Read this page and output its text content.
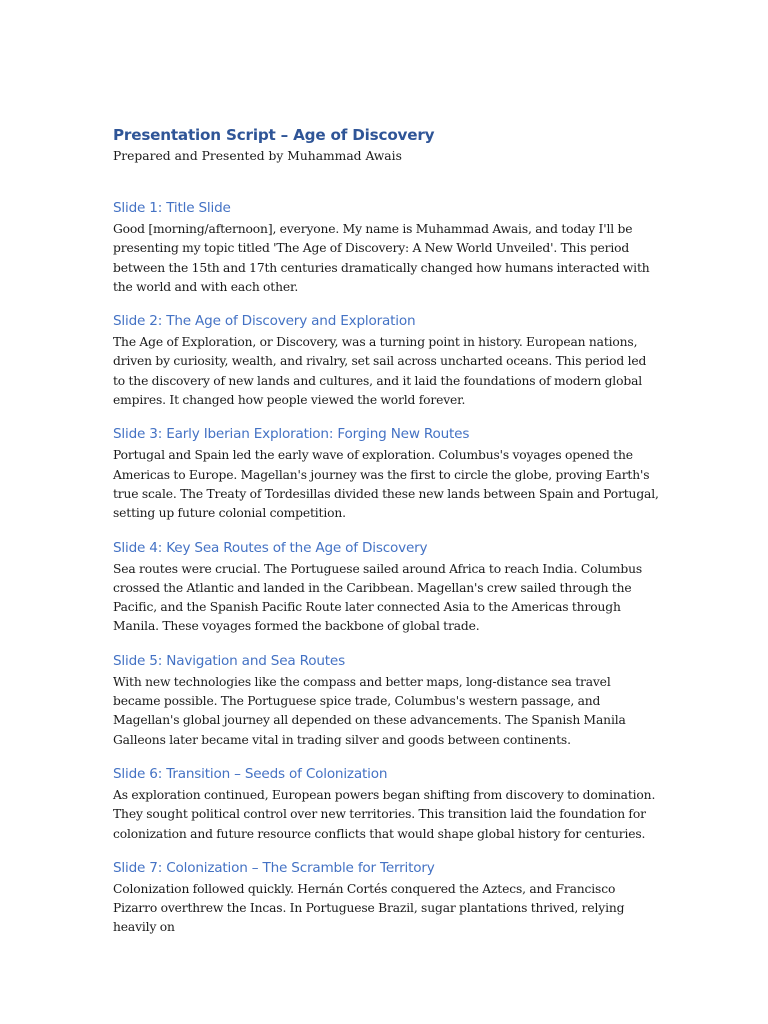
Presentation Script – Age of Discovery

Prepared and Presented by Muhammad Awais

Slide 1: Title Slide

Good [morning/afternoon], everyone. My name is Muhammad Awais, and today I'll be presenting my topic titled 'The Age of Discovery: A New World Unveiled'. This period between the 15th and 17th centuries dramatically changed how humans interacted with the world and with each other.

Slide 2: The Age of Discovery and Exploration

The Age of Exploration, or Discovery, was a turning point in history. European nations, driven by curiosity, wealth, and rivalry, set sail across uncharted oceans. This period led to the discovery of new lands and cultures, and it laid the foundations of modern global empires. It changed how people viewed the world forever.

Slide 3: Early Iberian Exploration: Forging New Routes

Portugal and Spain led the early wave of exploration. Columbus's voyages opened the Americas to Europe. Magellan's journey was the first to circle the globe, proving Earth's true scale. The Treaty of Tordesillas divided these new lands between Spain and Portugal, setting up future colonial competition.

Slide 4: Key Sea Routes of the Age of Discovery

Sea routes were crucial. The Portuguese sailed around Africa to reach India. Columbus crossed the Atlantic and landed in the Caribbean. Magellan's crew sailed through the Pacific, and the Spanish Pacific Route later connected Asia to the Americas through Manila. These voyages formed the backbone of global trade.

Slide 5: Navigation and Sea Routes

With new technologies like the compass and better maps, long-distance sea travel became possible. The Portuguese spice trade, Columbus's western passage, and Magellan's global journey all depended on these advancements. The Spanish Manila Galleons later became vital in trading silver and goods between continents.

Slide 6: Transition – Seeds of Colonization

As exploration continued, European powers began shifting from discovery to domination. They sought political control over new territories. This transition laid the foundation for colonization and future resource conflicts that would shape global history for centuries.

Slide 7: Colonization – The Scramble for Territory

Colonization followed quickly. Hernán Cortés conquered the Aztecs, and Francisco Pizarro overthrew the Incas. In Portuguese Brazil, sugar plantations thrived, relying heavily on
